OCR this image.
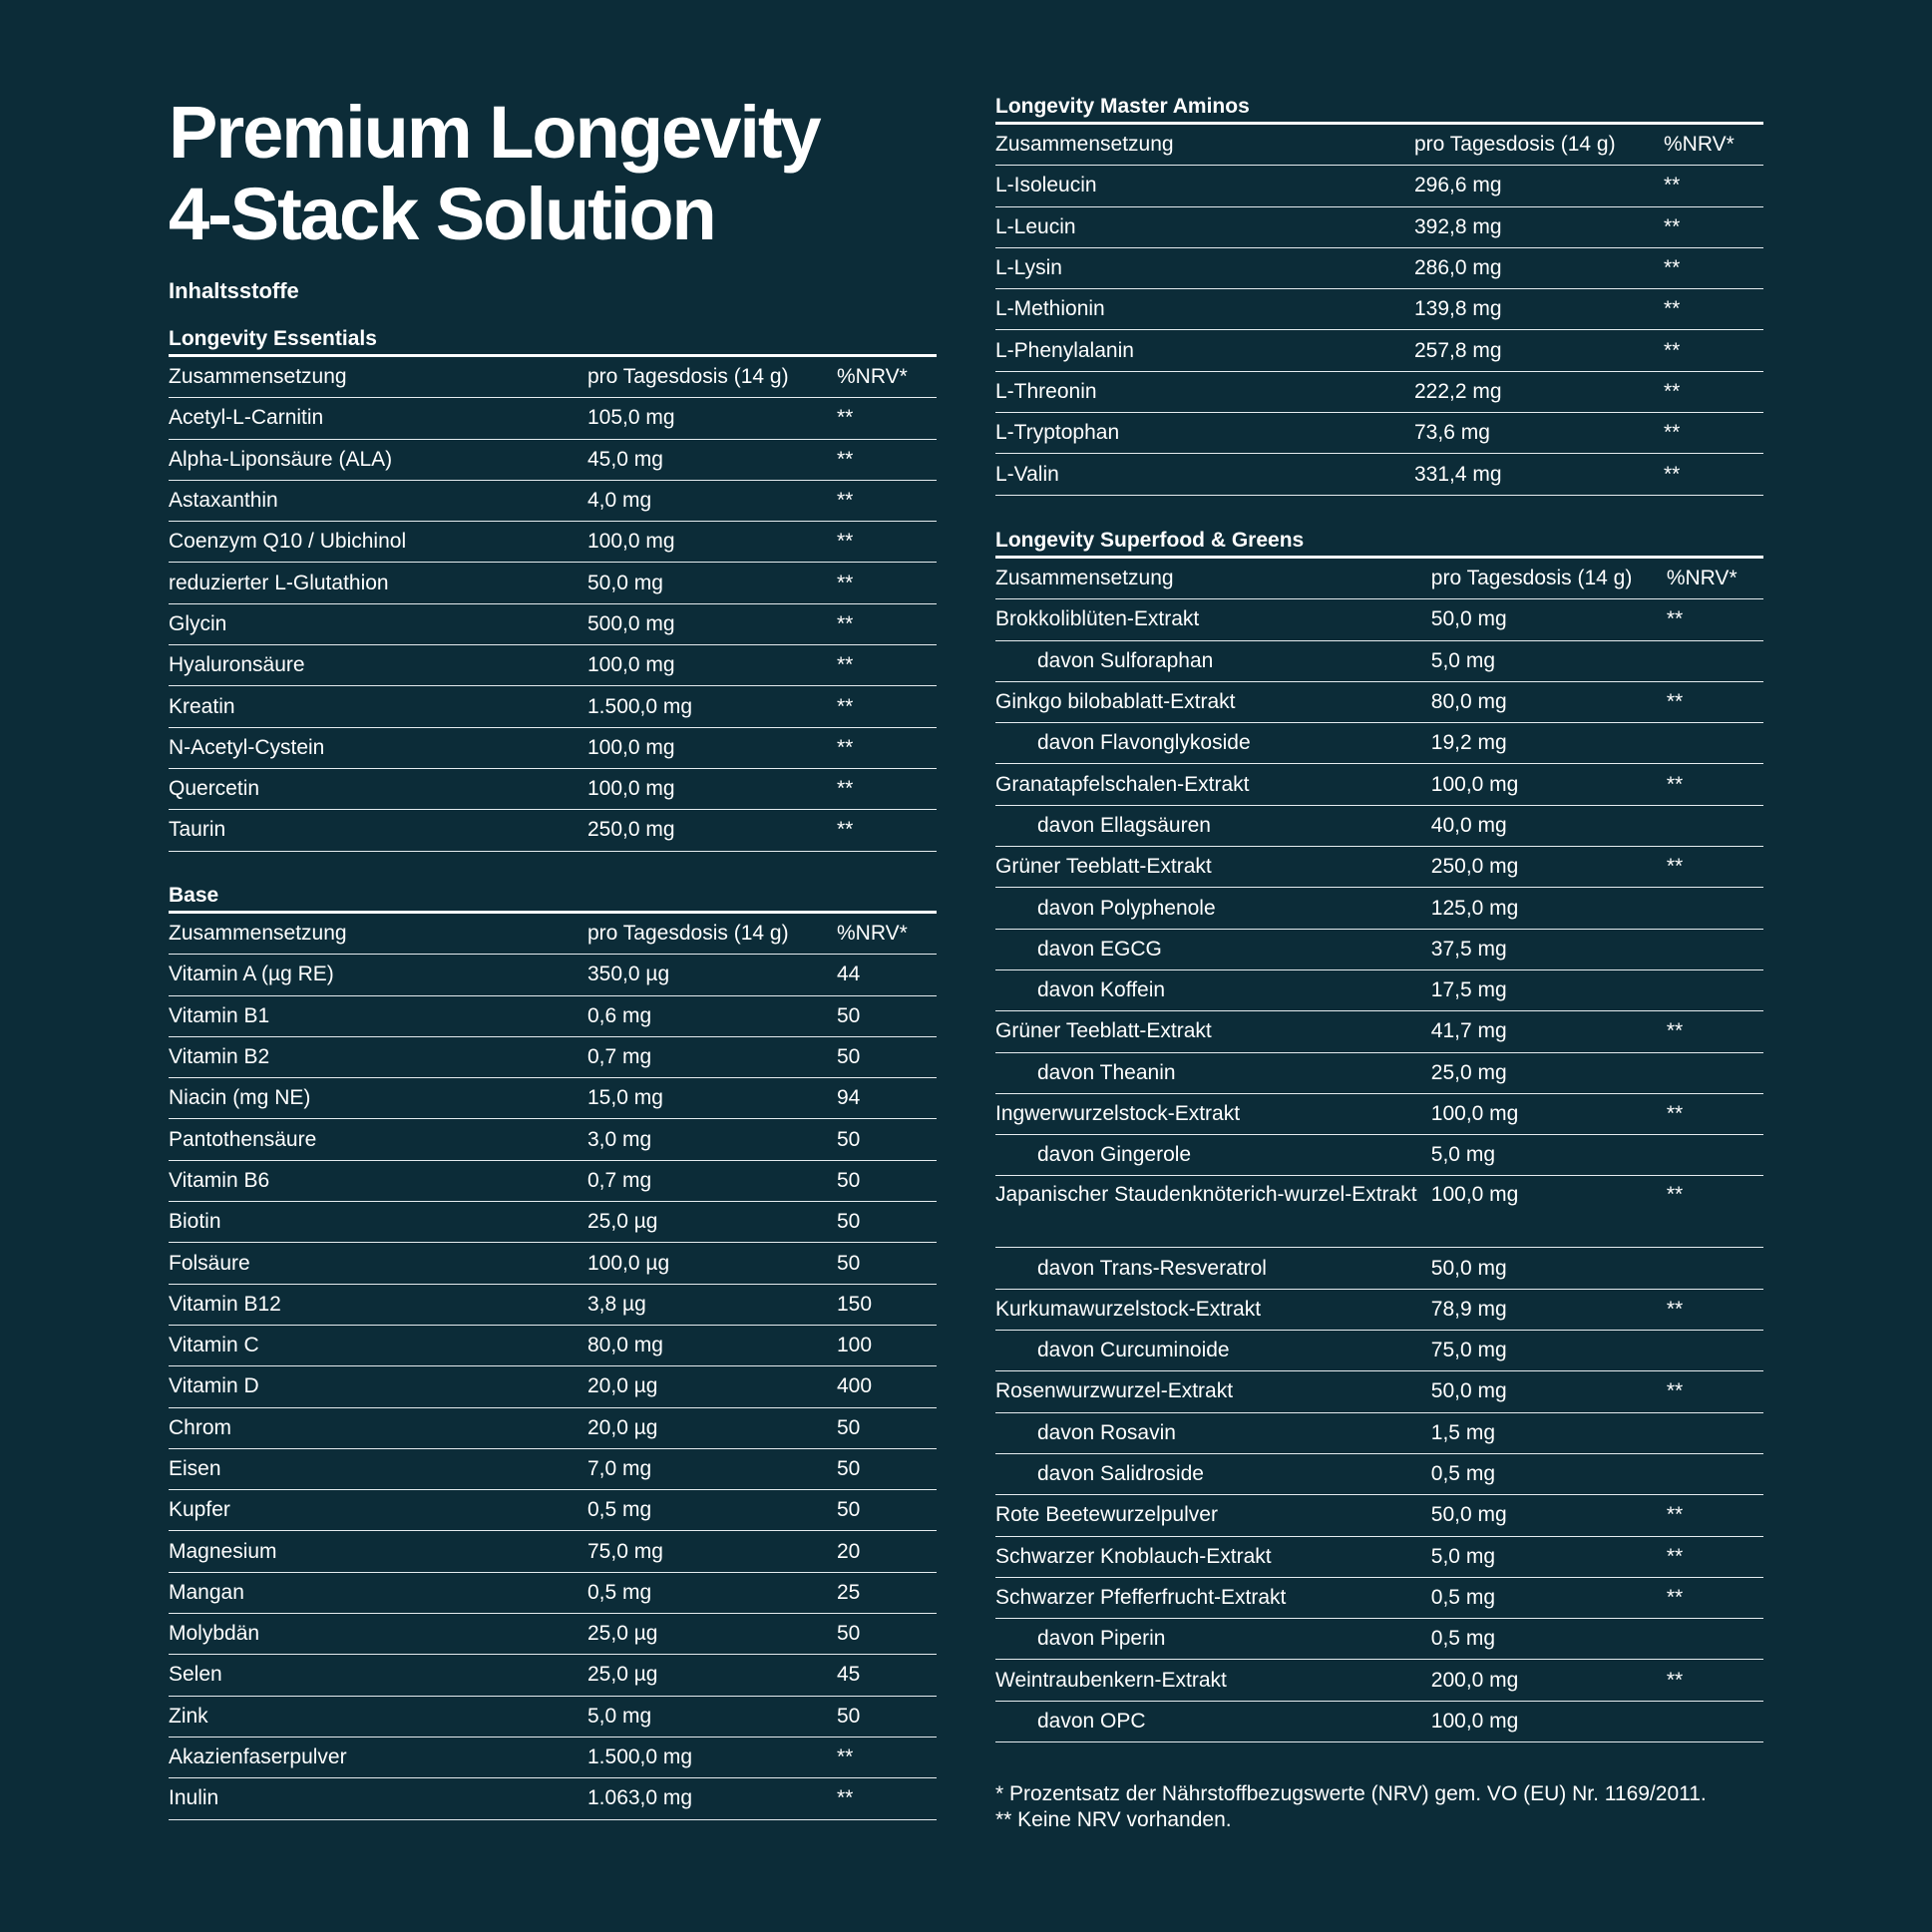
Premium Longevity
4-Stack Solution
Inhaltsstoffe
Longevity Essentials
Zusammensetzung	pro Tagesdosis (14 g)	%NRV*
Acetyl-L-Carnitin	105,0 mg	**
Alpha-Liponsäure (ALA)	45,0 mg	**
Astaxanthin	4,0 mg	**
Coenzym Q10 / Ubichinol	100,0 mg	**
reduzierter L-Glutathion	50,0 mg	**
Glycin	500,0 mg	**
Hyaluronsäure	100,0 mg	**
Kreatin	1.500,0 mg	**
N-Acetyl-Cystein	100,0 mg	**
Quercetin	100,0 mg	**
Taurin	250,0 mg	**
Base
Zusammensetzung	pro Tagesdosis (14 g)	%NRV*
Vitamin A (µg RE)	350,0 µg	44
Vitamin B1	0,6 mg	50
Vitamin B2	0,7 mg	50
Niacin (mg NE)	15,0 mg	94
Pantothensäure	3,0 mg	50
Vitamin B6	0,7 mg	50
Biotin	25,0 µg	50
Folsäure	100,0 µg	50
Vitamin B12	3,8 µg	150
Vitamin C	80,0 mg	100
Vitamin D	20,0 µg	400
Chrom	20,0 µg	50
Eisen	7,0 mg	50
Kupfer	0,5 mg	50
Magnesium	75,0 mg	20
Mangan	0,5 mg	25
Molybdän	25,0 µg	50
Selen	25,0 µg	45
Zink	5,0 mg	50
Akazienfaserpulver	1.500,0 mg	**
Inulin	1.063,0 mg	**
Longevity Master Aminos
Zusammensetzung	pro Tagesdosis (14 g)	%NRV*
L-Isoleucin	296,6 mg	**
L-Leucin	392,8 mg	**
L-Lysin	286,0 mg	**
L-Methionin	139,8 mg	**
L-Phenylalanin	257,8 mg	**
L-Threonin	222,2 mg	**
L-Tryptophan	73,6 mg	**
L-Valin	331,4 mg	**
Longevity Superfood & Greens
Zusammensetzung	pro Tagesdosis (14 g)	%NRV*
Brokkoliblüten-Extrakt	50,0 mg	**
davon Sulforaphan	5,0 mg	
Ginkgo bilobablatt-Extrakt	80,0 mg	**
davon Flavonglykoside	19,2 mg	
Granatapfelschalen-Extrakt	100,0 mg	**
davon Ellagsäuren	40,0 mg	
Grüner Teeblatt-Extrakt	250,0 mg	**
davon Polyphenole	125,0 mg	
davon EGCG	37,5 mg	
davon Koffein	17,5 mg	
Grüner Teeblatt-Extrakt	41,7 mg	**
davon Theanin	25,0 mg	
Ingwerwurzelstock-Extrakt	100,0 mg	**
davon Gingerole	5,0 mg	
Japanischer Staudenknöterich-wurzel-Extrakt	100,0 mg	**
davon Trans-Resveratrol	50,0 mg	
Kurkumawurzelstock-Extrakt	78,9 mg	**
davon Curcuminoide	75,0 mg	
Rosenwurzwurzel-Extrakt	50,0 mg	**
davon Rosavin	1,5 mg	
davon Salidroside	0,5 mg	
Rote Beetewurzelpulver	50,0 mg	**
Schwarzer Knoblauch-Extrakt	5,0 mg	**
Schwarzer Pfefferfrucht-Extrakt	0,5 mg	**
davon Piperin	0,5 mg	
Weintraubenkern-Extrakt	200,0 mg	**
davon OPC	100,0 mg	
* Prozentsatz der Nährstoffbezugswerte (NRV) gem. VO (EU) Nr. 1169/2011.
** Keine NRV vorhanden.
